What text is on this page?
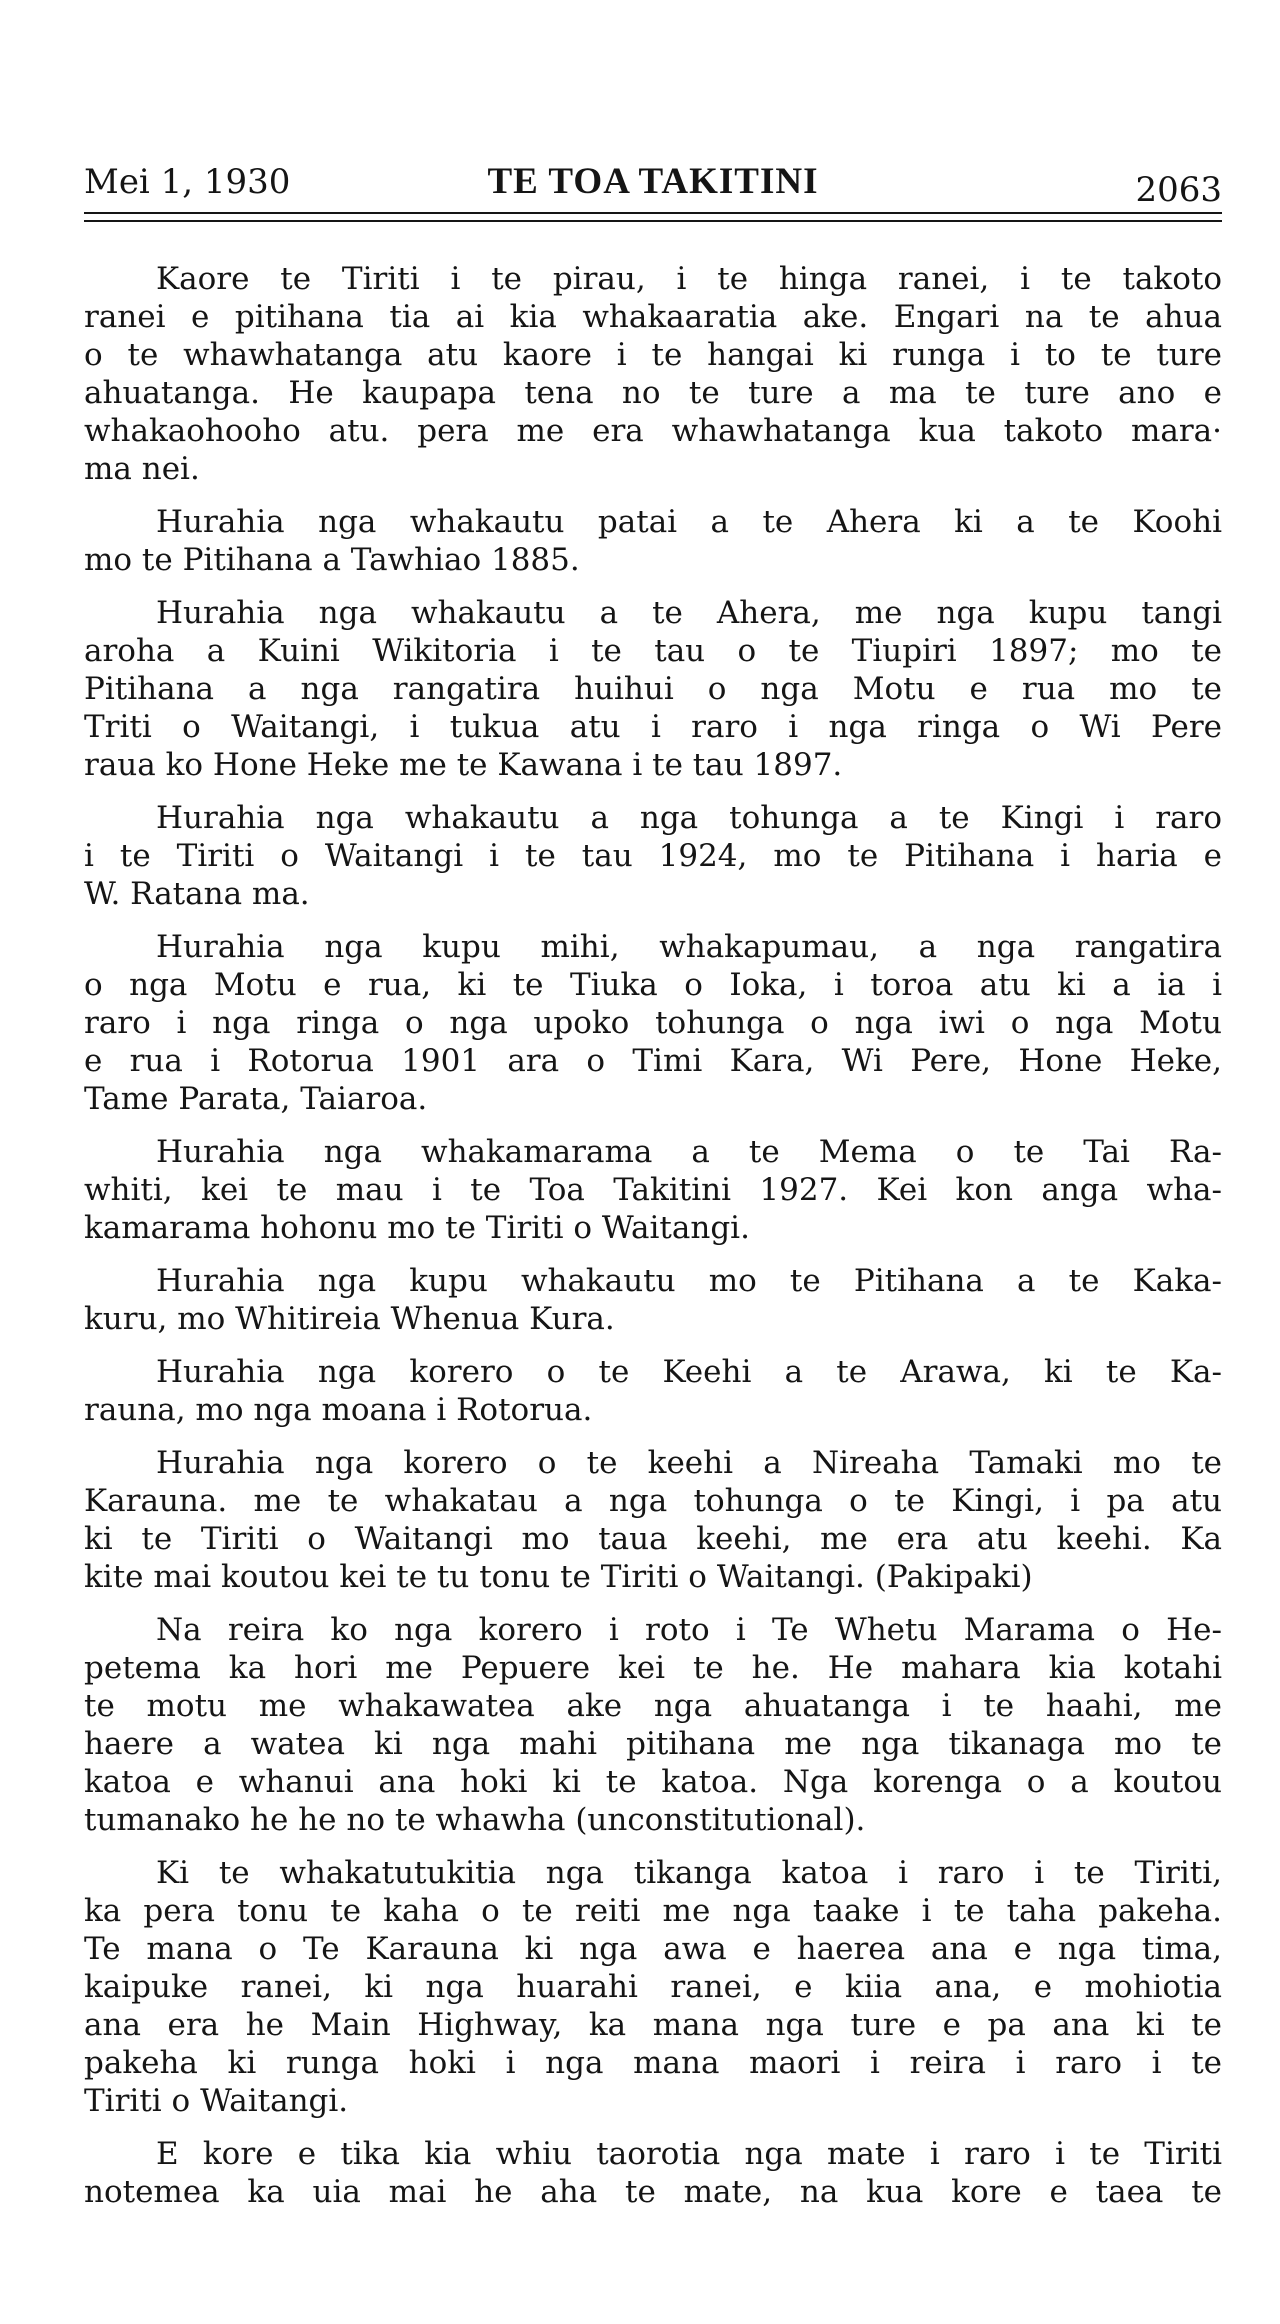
Mei 1, 1930	TE TOA TAKITINI	2063
Kaore te Tiriti i te pirau, i te hinga ranei, i te takoto
ranei e pitihana tia ai kia whakaaratia ake. Engari na te ahua
o te whawhatanga atu kaore i te hangai ki runga i to te ture
ahuatanga. He kaupapa tena no te ture a ma te ture ano e
whakaohooho atu. pera me era whawhatanga kua takoto mara·
ma nei.
Hurahia nga whakautu patai a te Ahera ki a te Koohi
mo te Pitihana a Tawhiao 1885.
Hurahia nga whakautu a te Ahera, me nga kupu tangi
aroha a Kuini Wikitoria i te tau o te Tiupiri 1897; mo te
Pitihana a nga rangatira huihui o nga Motu e rua mo te
Triti o Waitangi, i tukua atu i raro i nga ringa o Wi Pere
raua ko Hone Heke me te Kawana i te tau 1897.
Hurahia nga whakautu a nga tohunga a te Kingi i raro
i te Tiriti o Waitangi i te tau 1924, mo te Pitihana i haria e
W. Ratana ma.
Hurahia nga kupu mihi, whakapumau, a nga rangatira
o nga Motu e rua, ki te Tiuka o Ioka, i toroa atu ki a ia i
raro i nga ringa o nga upoko tohunga o nga iwi o nga Motu
e rua i Rotorua 1901 ara o Timi Kara, Wi Pere, Hone Heke,
Tame Parata, Taiaroa.
Hurahia nga whakamarama a te Mema o te Tai Ra-
whiti, kei te mau i te Toa Takitini 1927. Kei kon anga wha-
kamarama hohonu mo te Tiriti o Waitangi.
Hurahia nga kupu whakautu mo te Pitihana a te Kaka-
kuru, mo Whitireia Whenua Kura.
Hurahia nga korero o te Keehi a te Arawa, ki te Ka-
rauna, mo nga moana i Rotorua.
Hurahia nga korero o te keehi a Nireaha Tamaki mo te
Karauna. me te whakatau a nga tohunga o te Kingi, i pa atu
ki te Tiriti o Waitangi mo taua keehi, me era atu keehi. Ka
kite mai koutou kei te tu tonu te Tiriti o Waitangi. (Pakipaki)
Na reira ko nga korero i roto i Te Whetu Marama o He-
petema ka hori me Pepuere kei te he. He mahara kia kotahi
te motu me whakawatea ake nga ahuatanga i te haahi, me
haere a watea ki nga mahi pitihana me nga tikanaga mo te
katoa e whanui ana hoki ki te katoa. Nga korenga o a koutou
tumanako he he no te whawha (unconstitutional).
Ki te whakatutukitia nga tikanga katoa i raro i te Tiriti,
ka pera tonu te kaha o te reiti me nga taake i te taha pakeha.
Te mana o Te Karauna ki nga awa e haerea ana e nga tima,
kaipuke ranei, ki nga huarahi ranei, e kiia ana, e mohiotia
ana era he Main Highway, ka mana nga ture e pa ana ki te
pakeha ki runga hoki i nga mana maori i reira i raro i te
Tiriti o Waitangi.
E kore e tika kia whiu taorotia nga mate i raro i te Tiriti
notemea ka uia mai he aha te mate, na kua kore e taea te
